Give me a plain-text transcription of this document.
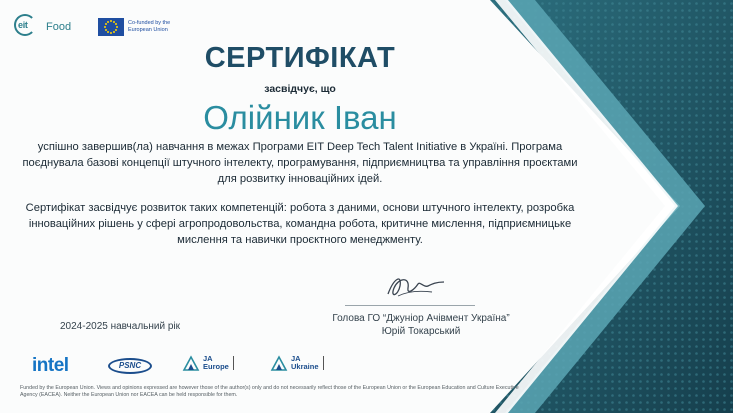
eit Food	Co-funded by the European Union
СЕРТИФІКАТ
засвідчує, що
Олійник Іван

успішно завершив(ла) навчання в межах Програми EIT Deep Tech Talent Initiative в Україні. Програма поєднувала базові концепції штучного інтелекту, програмування, підприємництва та управління проєктами для розвитку інноваційних ідей.

Сертифікат засвідчує розвиток таких компетенцій: робота з даними, основи штучного інтелекту, розробка інноваційних рішень у сфері агропродовольства, командна робота, критичне мислення, підприємницьке мислення та навички проєктного менеджменту.

Голова ГО “Джуніор Ачівмент Україна”
Юрій Токарський
2024-2025 навчальний рік
intel	PSNC
JA
Europe
JA
Ukraine
Funded by the European Union. Views and opinions expressed are however those of the author(s) only and do not necessarily reflect those of the European Union or the European Education and Culture Executive Agency (EACEA). Neither the European Union nor EACEA can be held responsible for them.
